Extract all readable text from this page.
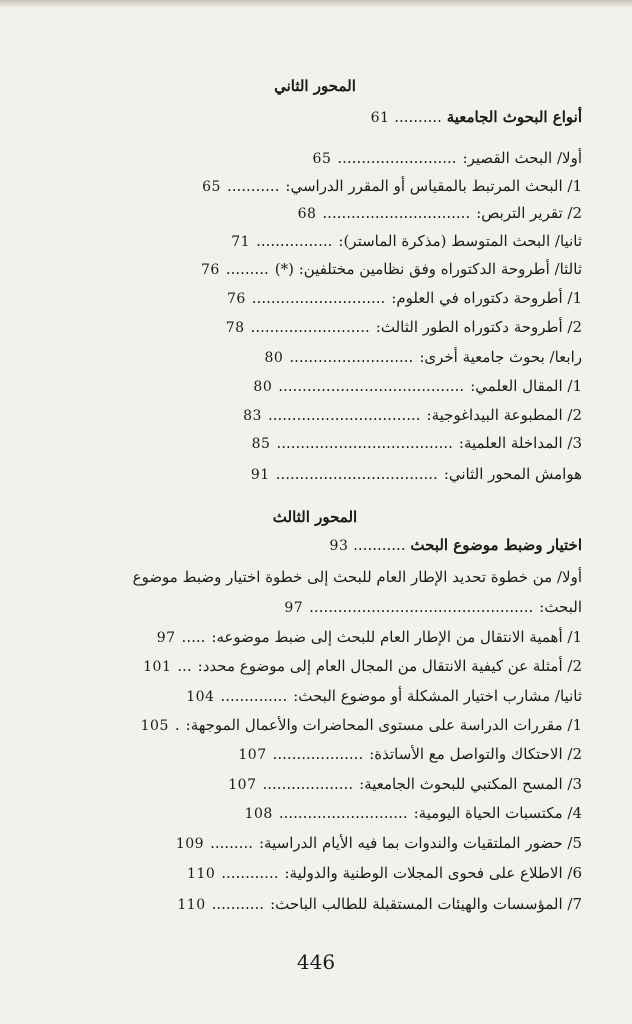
المحور الثاني
أنواع البحوث الجامعية .......... 61
أولا/ البحث القصير:.........................65
1/ البحث المرتبط بالمقياس أو المقرر الدراسي:...........65
2/ تقرير التربص:...............................68
ثانيا/ البحث المتوسط (مذكرة الماستر):................71
ثالثا/ أطروحة الدكتوراه وفق نظامين مختلفين: (*).........76
1/ أطروحة دكتوراه في العلوم:............................76
2/ أطروحة دكتوراه الطور الثالث:.........................78
رابعا/ بحوث جامعية أخرى:..........................80
1/ المقال العلمي:.......................................80
2/ المطبوعة البيداغوجية:................................83
3/ المداخلة العلمية:.....................................85
هوامش المحور الثاني:..................................91
المحور الثالث
اختيار وضبط موضوع البحث ........... 93
أولا/ من خطوة تحديد الإطار العام للبحث إلى خطوة اختيار وضبط موضوع
البحث:...............................................97
1/ أهمية الانتقال من الإطار العام للبحث إلى ضبط موضوعه:.....97
2/ أمثلة عن كيفية الانتقال من المجال العام إلى موضوع محدد:...101
ثانيا/ مشارب اختيار المشكلة أو موضوع البحث:..............104
1/ مقررات الدراسة على مستوى المحاضرات والأعمال الموجهة:.105
2/ الاحتكاك والتواصل مع الأساتذة:...................107
3/ المسح المكتبي للبحوث الجامعية:...................107
4/ مكتسبات الحياة اليومية:...........................108
5/ حضور الملتقيات والندوات بما فيه الأيام الدراسية:.........109
6/ الاطلاع على فحوى المجلات الوطنية والدولية:............110
7/ المؤسسات والهيئات المستقبلة للطالب الباحث:...........110
446
